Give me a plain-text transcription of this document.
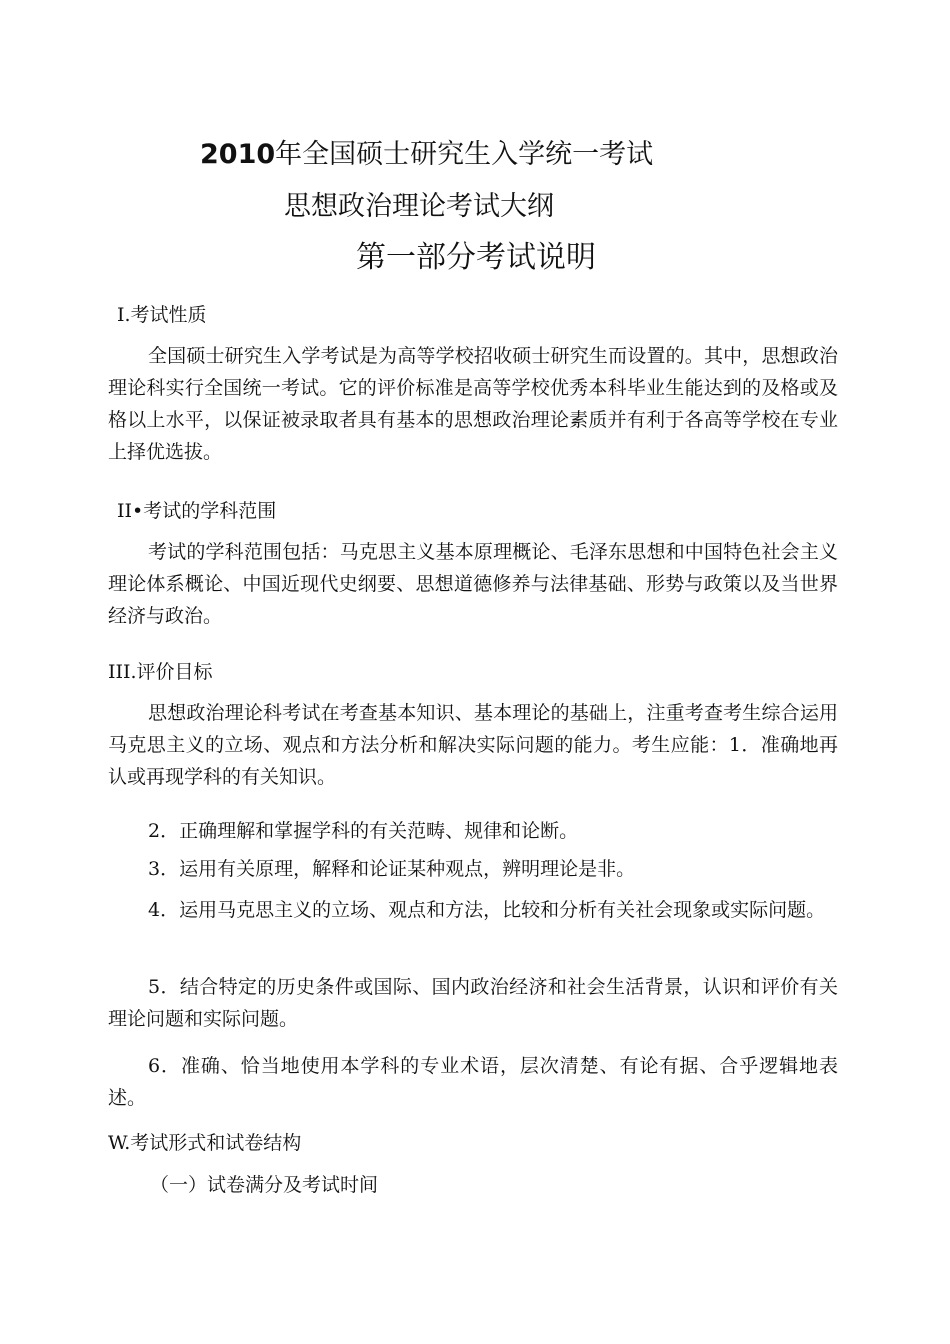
2010年全国硕士研究生入学统一考试
思想政治理论考试大纲
第一部分考试说明
I.考试性质
全国硕士研究生入学考试是为高等学校招收硕士研究生而设置的。其中，思想政治理论科实行全国统一考试。它的评价标准是高等学校优秀本科毕业生能达到的及格或及格以上水平，以保证被录取者具有基本的思想政治理论素质并有利于各高等学校在专业上择优选拔。
II•考试的学科范围
考试的学科范围包括：马克思主义基本原理概论、毛泽东思想和中国特色社会主义理论体系概论、中国近现代史纲要、思想道德修养与法律基础、形势与政策以及当世界经济与政治。
III.评价目标
思想政治理论科考试在考查基本知识、基本理论的基础上，注重考查考生综合运用马克思主义的立场、观点和方法分析和解决实际问题的能力。考生应能：1．准确地再认或再现学科的有关知识。
2．正确理解和掌握学科的有关范畴、规律和论断。
3．运用有关原理，解释和论证某种观点，辨明理论是非。
4．运用马克思主义的立场、观点和方法，比较和分析有关社会现象或实际问题。
5．结合特定的历史条件或国际、国内政治经济和社会生活背景，认识和评价有关理论问题和实际问题。
6．准确、恰当地使用本学科的专业术语，层次清楚、有论有据、合乎逻辑地表述。
W.考试形式和试卷结构
（一）试卷满分及考试时间
